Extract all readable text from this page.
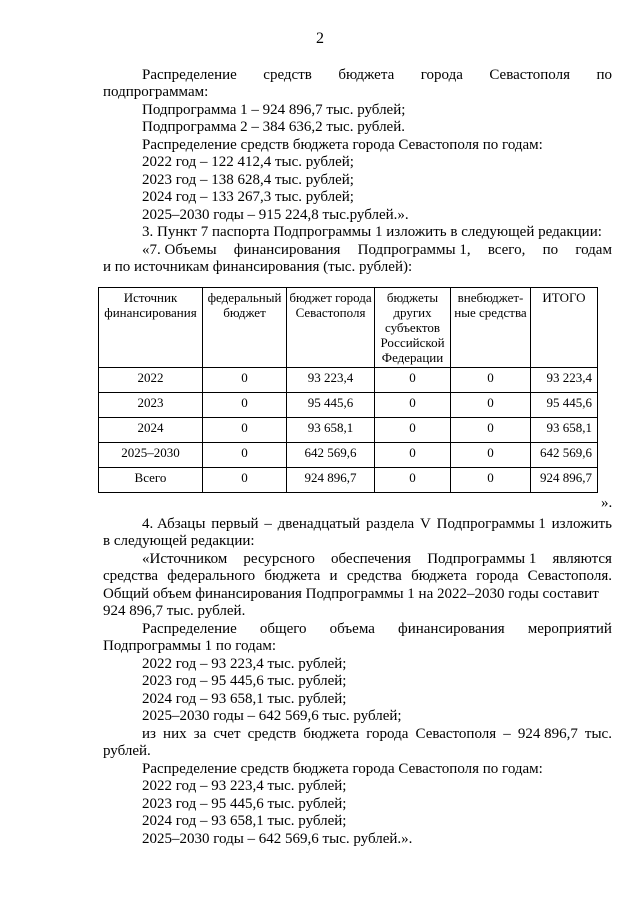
2
Распределение средств бюджета города Севастополя по
подпрограммам:
Подпрограмма 1 – 924 896,7 тыс. рублей;
Подпрограмма 2 – 384 636,2 тыс. рублей.
Распределение средств бюджета города Севастополя по годам:
2022 год – 122 412,4 тыс. рублей;
2023 год – 138 628,4 тыс. рублей;
2024 год – 133 267,3 тыс. рублей;
2025–2030 годы – 915 224,8 тыс.рублей.».
3. Пункт 7 паспорта Подпрограммы 1 изложить в следующей редакции:
«7. Объемы финансирования Подпрограммы 1, всего, по годам
и по источникам финансирования (тыс. рублей):
Источник финансирования	федеральный бюджет	бюджет города Севастополя	бюджеты других субъектов Российской Федерации	внебюджет-ные средства	ИТОГО
2022	0	93 223,4	0	0	93 223,4
2023	0	95 445,6	0	0	95 445,6
2024	0	93 658,1	0	0	93 658,1
2025–2030	0	642 569,6	0	0	642 569,6
Всего	0	924 896,7	0	0	924 896,7
».
4. Абзацы первый – двенадцатый раздела V Подпрограммы 1 изложить
в следующей редакции:
«Источником ресурсного обеспечения Подпрограммы 1 являются
средства федерального бюджета и средства бюджета города Севастополя.
Общий объем финансирования Подпрограммы 1 на 2022–2030 годы составит
924 896,7 тыс. рублей.
Распределение общего объема финансирования мероприятий
Подпрограммы 1 по годам:
2022 год – 93 223,4 тыс. рублей;
2023 год – 95 445,6 тыс. рублей;
2024 год – 93 658,1 тыс. рублей;
2025–2030 годы – 642 569,6 тыс. рублей;
из них за счет средств бюджета города Севастополя – 924 896,7 тыс.
рублей.
Распределение средств бюджета города Севастополя по годам:
2022 год – 93 223,4 тыс. рублей;
2023 год – 95 445,6 тыс. рублей;
2024 год – 93 658,1 тыс. рублей;
2025–2030 годы – 642 569,6 тыс. рублей.».
